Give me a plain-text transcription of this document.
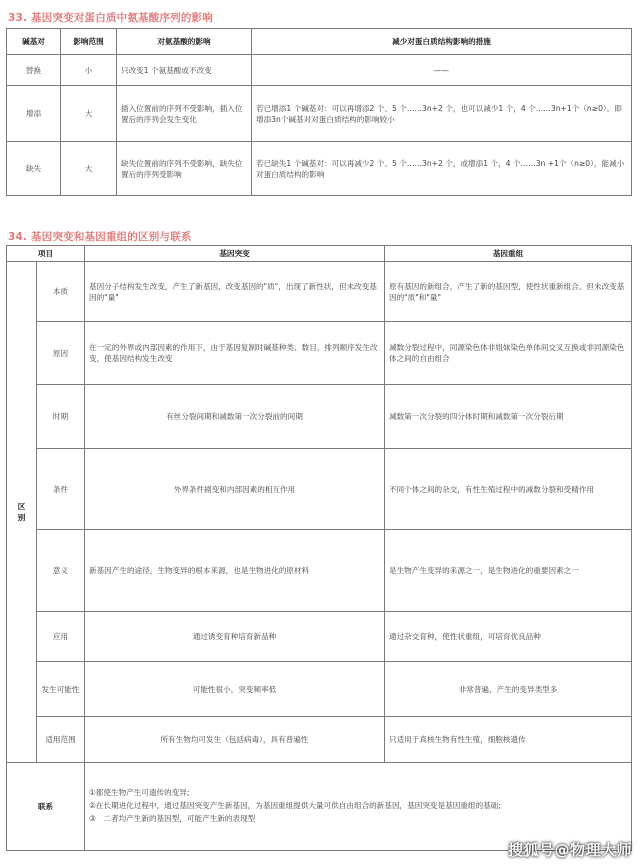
33. 基因突变对蛋白质中氨基酸序列的影响
碱基对	影响范围	对氨基酸的影响	减少对蛋白质结构影响的措施
替换	小	只改变1 个氨基酸或不改变	——
增添	大	插入位置前的序列不受影响，插入位置后的序列会发生变化	若已增添1 个碱基对：可以再增添2 个、5 个……3n+2 个，也可以减少1 个，4 个……3n+1个（n≥0）。即增添3n个碱基对对蛋白质结构的影响较小
缺失	大	缺失位置前的序列不受影响，缺失位置后的序列受影响	若已缺失1 个碱基对：可以再减少2 个、5 个……3n+2 个，或增添1 个，4 个……3n +1个（n≥0），能减小对蛋白质结构的影响
34. 基因突变和基因重组的区别与联系
项目		基因突变	基因重组
区
别	本质	基因分子结构发生改变，产生了新基因，改变基因的"质"，出现了新性状，但未改变基因的"量"	原有基因的新组合，产生了新的基因型，使性状重新组合。但未改变基因的"质"和"量"
	原因	在一定的外界或内部因素的作用下，由于基因复制时碱基种类、数目、排列顺序发生改变，使基因结构发生改变	减数分裂过程中，同源染色体非姐妹染色单体间交叉互换或非同源染色体之间的自由组合
	时期	有丝分裂间期和减数第一次分裂前的间期	减数第一次分裂的四分体时期和减数第一次分裂后期
	条件	外界条件剧变和内部因素的相互作用	不同个体之间的杂交，有性生殖过程中的减数分裂和受精作用
	意义	新基因产生的途径，生物变异的根本来源，也是生物进化的原材料	是生物产生变异的来源之一，是生物进化的重要因素之一
	应用	通过诱变育种培育新品种	通过杂交育种，使性状重组，可培育优良品种
	发生可能性	可能性很小，突变频率低	非常普遍，产生的变异类型多
	适用范围	所有生物均可发生（包括病毒），具有普遍性	只适用于真核生物有性生殖，细胞核遗传
联系		①都使生物产生可遗传的变异;
②在长期进化过程中，通过基因突变产生新基因，为基因重组提供大量可供自由组合的新基因，基因突变是基因重组的基础;
③　二者均产生新的基因型，可能产生新的表现型	
搜狐号@物理大师
